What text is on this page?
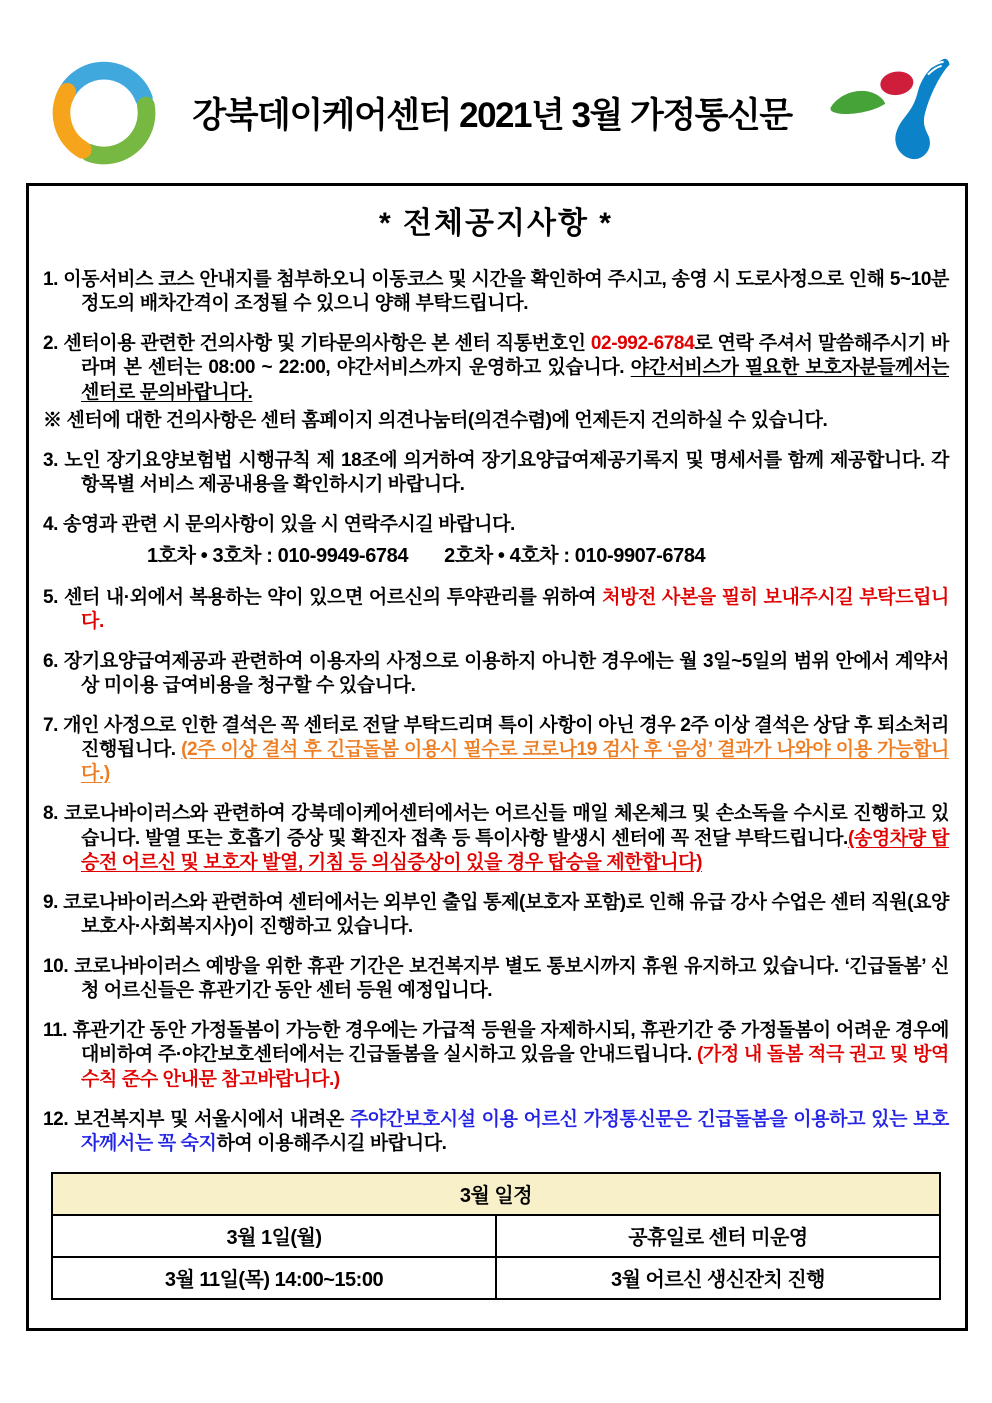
강북데이케어센터 2021년 3월 가정통신문
* 전체공지사항 *
1. 이동서비스 코스 안내지를 첨부하오니 이동코스 및 시간을 확인하여 주시고, 송영 시 도로사정으로 인해 5~10분정도의 배차간격이 조정될 수 있으니 양해 부탁드립니다.
2. 센터이용 관련한 건의사항 및 기타문의사항은 본 센터 직통번호인 02-992-6784로 연락 주셔서 말씀해주시기 바라며 본 센터는 08:00 ~ 22:00, 야간서비스까지 운영하고 있습니다. 야간서비스가 필요한 보호자분들께서는 센터로 문의바랍니다.
※ 센터에 대한 건의사항은 센터 홈페이지 의견나눔터(의견수렴)에 언제든지 건의하실 수 있습니다.
3. 노인 장기요양보험법 시행규칙 제 18조에 의거하여 장기요양급여제공기록지 및 명세서를 함께 제공합니다. 각 항목별 서비스 제공내용을 확인하시기 바랍니다.
4. 송영과 관련 시 문의사항이 있을 시 연락주시길 바랍니다.
1호차 • 3호차 : 010-9949-6784       2호차 • 4호차 : 010-9907-6784
5. 센터 내·외에서 복용하는 약이 있으면 어르신의 투약관리를 위하여 처방전 사본을 필히 보내주시길 부탁드립니다.
6. 장기요양급여제공과 관련하여 이용자의 사정으로 이용하지 아니한 경우에는 월 3일~5일의 범위 안에서 계약서상 미이용 급여비용을 청구할 수 있습니다.
7. 개인 사정으로 인한 결석은 꼭 센터로 전달 부탁드리며 특이 사항이 아닌 경우 2주 이상 결석은 상담 후 퇴소처리 진행됩니다. (2주 이상 결석 후 긴급돌봄 이용시 필수로 코로나19 검사 후 ‘음성’ 결과가 나와야 이용 가능합니다.)
8. 코로나바이러스와 관련하여 강북데이케어센터에서는 어르신들 매일 체온체크 및 손소독을 수시로 진행하고 있습니다. 발열 또는 호흡기 증상 및 확진자 접촉 등 특이사항 발생시 센터에 꼭 전달 부탁드립니다.(송영차량 탑승전 어르신 및 보호자 발열, 기침 등 의심증상이 있을 경우 탑승을 제한합니다)
9. 코로나바이러스와 관련하여 센터에서는 외부인 출입 통제(보호자 포함)로 인해 유급 강사 수업은 센터 직원(요양보호사·사회복지사)이 진행하고 있습니다.
10. 코로나바이러스 예방을 위한 휴관 기간은 보건복지부 별도 통보시까지 휴원 유지하고 있습니다. ‘긴급돌봄’ 신청 어르신들은 휴관기간 동안 센터 등원 예정입니다.
11. 휴관기간 동안 가정돌봄이 가능한 경우에는 가급적 등원을 자제하시되, 휴관기간 중 가정돌봄이 어려운 경우에 대비하여 주·야간보호센터에서는 긴급돌봄을 실시하고 있음을 안내드립니다. (가정 내 돌봄 적극 권고 및 방역수칙 준수 안내문 참고바랍니다.)
12. 보건복지부 및 서울시에서 내려온 주야간보호시설 이용 어르신 가정통신문은 긴급돌봄을 이용하고 있는 보호자께서는 꼭 숙지하여 이용해주시길 바랍니다.
3월 일정	
3월 1일(월)	공휴일로 센터 미운영
3월 11일(목) 14:00~15:00	3월 어르신 생신잔치 진행
